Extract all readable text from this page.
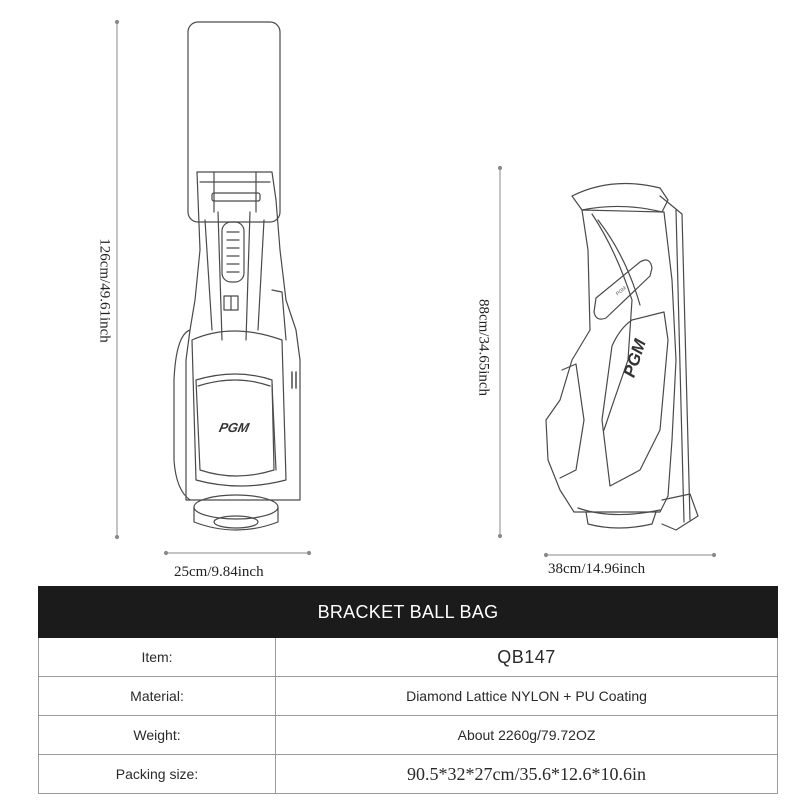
PGM
PGM
PGM
126cm/49.61inch
25cm/9.84inch
88cm/34.65inch
38cm/14.96inch
BRACKET BALL BAG	
Item:	QB147
Material:	Diamond Lattice NYLON + PU Coating
Weight:	About 2260g/79.72OZ
Packing size:	90.5*32*27cm/35.6*12.6*10.6in
